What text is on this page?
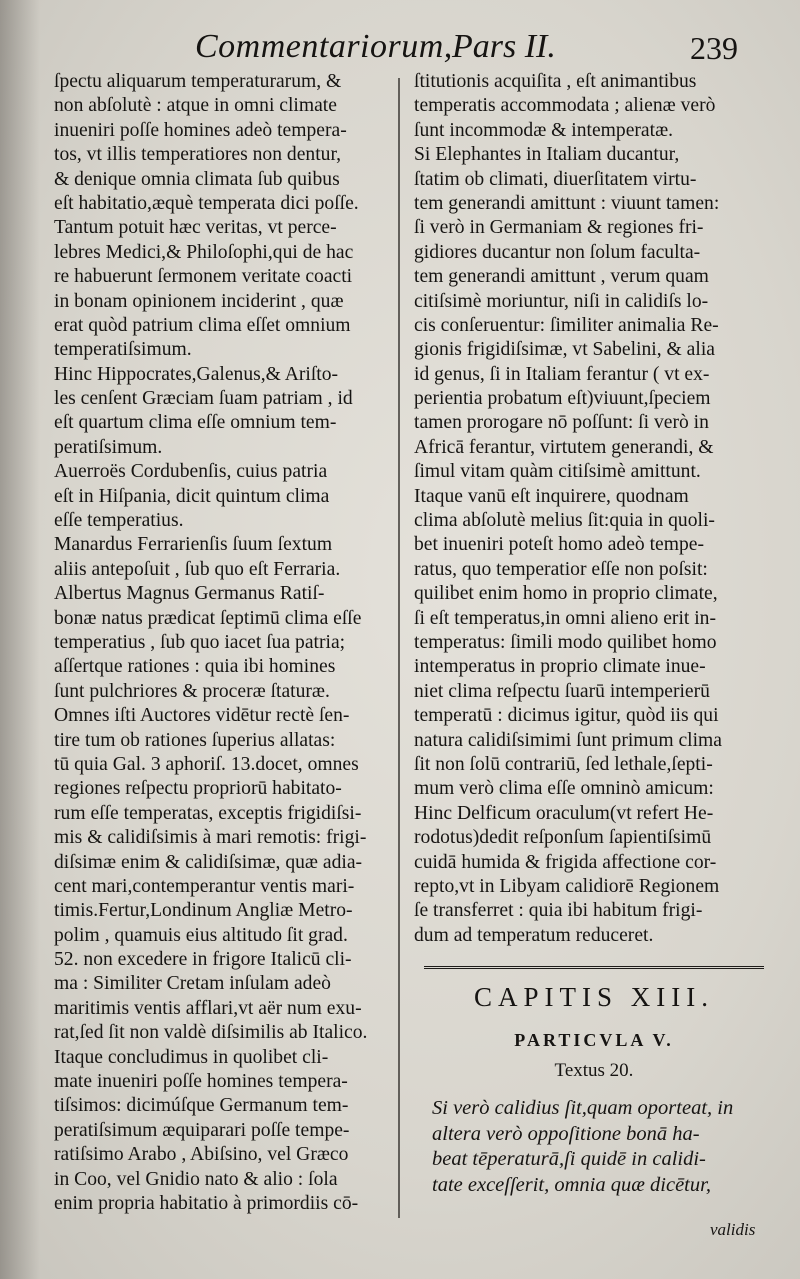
Commentariorum, Pars II.	239
ſpectu aliquarum temperaturarum, &
non abſolutè : atque in omni climate
inueniri poſſe homines adeò tempera-
tos, vt illis temperatiores non dentur,
& denique omnia climata ſub quibus
eſt habitatio,æquè temperata dici poſſe.
Tantum potuit hæc veritas, vt perce-
lebres Medici,& Philoſophi,qui de hac
re habuerunt ſermonem veritate coacti
in bonam opinionem inciderint , quæ
erat quòd patrium clima eſſet omnium
temperatiſsimum.
Hinc Hippocrates,Galenus,& Ariſto-
les cenſent Græciam ſuam patriam , id
eſt quartum clima eſſe omnium tem-
peratiſsimum.
Auerroës Cordubenſis, cuius patria
eſt in Hiſpania, dicit quintum clima
eſſe temperatius.
Manardus Ferrarienſis ſuum ſextum
aliis antepoſuit , ſub quo eſt Ferraria.
Albertus Magnus Germanus Ratiſ-
bonæ natus prædicat ſeptimū clima eſſe
temperatius , ſub quo iacet ſua patria;
aſſertque rationes : quia ibi homines
ſunt pulchriores & proceræ ſtaturæ.
Omnes iſti Auctores vidētur rectè ſen-
tire tum ob rationes ſuperius allatas:
tū quia Gal. 3 aphoriſ. 13.docet, omnes
regiones reſpectu propriorū habitato-
rum eſſe temperatas, exceptis frigidiſsi-
mis & calidiſsimis à mari remotis: frigi-
diſsimæ enim & calidiſsimæ, quæ adia-
cent mari,contemperantur ventis mari-
timis.Fertur,Londinum Angliæ Metro-
polim , quamuis eius altitudo ſit grad.
52. non excedere in frigore Italicū cli-
ma : Similiter Cretam inſulam adeò
maritimis ventis afflari,vt aër num exu-
rat,ſed ſit non valdè diſsimilis ab Italico.
Itaque concludimus in quolibet cli-
mate inueniri poſſe homines tempera-
tiſsimos: dicimúſque Germanum tem-
peratiſsimum æquiparari poſſe tempe-
ratiſsimo Arabo , Abiſsino, vel Græco
in Coo, vel Gnidio nato & alio : ſola
enim propria habitatio à primordiis cō-
ſtitutionis acquiſita , eſt animantibus
temperatis accommodata ; alienæ verò
ſunt incommodæ & intemperatæ.
Si Elephantes in Italiam ducantur,
ſtatim ob climati, diuerſitatem virtu-
tem generandi amittunt : viuunt tamen:
ſi verò in Germaniam & regiones fri-
gidiores ducantur non ſolum faculta-
tem generandi amittunt , verum quam
citiſsimè moriuntur, niſi in calidiſs lo-
cis conſeruentur: ſimiliter animalia Re-
gionis frigidiſsimæ, vt Sabelini, & alia
id genus, ſi in Italiam ferantur ( vt ex-
perientia probatum eſt)viuunt,ſpeciem
tamen prorogare nō poſſunt: ſi verò in
Africā ferantur, virtutem generandi, &
ſimul vitam quàm citiſsimè amittunt.
Itaque vanū eſt inquirere, quodnam
clima abſolutè melius ſit:quia in quoli-
bet inueniri poteſt homo adeò tempe-
ratus, quo temperatior eſſe non poſsit:
quilibet enim homo in proprio climate,
ſi eſt temperatus,in omni alieno erit in-
temperatus: ſimili modo quilibet homo
intemperatus in proprio climate inue-
niet clima reſpectu ſuarū intemperierū
temperatū : dicimus igitur, quòd iis qui
natura calidiſsimimi ſunt primum clima
ſit non ſolū contrariū, ſed lethale,ſepti-
mum verò clima eſſe omninò amicum:
Hinc Delficum oraculum(vt refert He-
rodotus)dedit reſponſum ſapientiſsimū
cuidā humida & frigida affectione cor-
repto,vt in Libyam calidiorē Regionem
ſe transferret : quia ibi habitum frigi-
dum ad temperatum reduceret.
CAPITIS XIII.
PARTICVLA V.
Textus 20.
Si verò calidius ſit,quam oporteat, in
altera verò oppoſitione bonā ha-
beat tēperaturā,ſi quidē in calidi-
tate exceſſerit, omnia quæ dicētur,
validis
